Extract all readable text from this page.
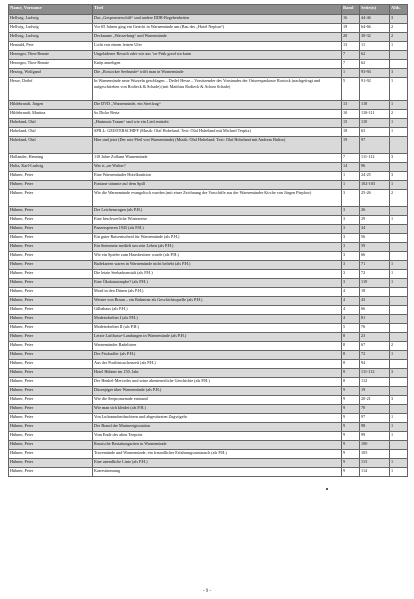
Name, Vorname	Titel	Band	Seite(n)	Abb.
Hellwig, Ludwig	Das „Gespensterschiff“ und andere DDR-Begebenheiten	16	44-46	3
Hellwig, Ludwig	Vor 65 Jahren ging ein Gericht in Warnemünde um (Bau des „Hotel Neptun“)	19	64-66	2
Hellwig, Ludwig	Deckname „Wasserburg“ und Warnemünde	20	30-32	2
Henauld, Pete	Licht von einem fernen Ufer	13	11	1
Herzogm, Thea-Renate	Ungeladener Besuch oder wie aus ’ne Prük good sin kann	7	62	
Herzogm, Thea-Renate	Knöp annehgen	7	62	
Herzog, Wolfgand	Die „Rostocker Seehunde“ trifft man in Warnemünde	1	93-94	3
Hesse, Detlef	In Warnemünde neue Wurzeln geschlagen – Detlef Hesse – Vorsitzender des Vorstandes der Ostseesparkasse Rostock (nachgefragt und aufgeschrieben von Rodieck & Schade) (mit Matthias Rodieck & Achim Schade)	5	91-92	1
Hildebrandt, Jürgen	Die DVD „Warnemünde, ein Streifzug“	13	118	1
Hildebrandt, Martina	6x Dicke Berta	10	110-111	2
Hobeland, Olaf	„Hartmuts Traum“ und wie ein Lied entsteht	15	110	1
Hobeland, Olaf	SPILL: GEISTERSCHIFF (Musik: Olaf Hobeland. Text: Olaf Hobeland mit Michael Terpitz)	18	63	1
Hobeland, Olaf	Hier und jetzt (Der rote Pfeil von Warnemünde) (Musik: Olaf Hobeland. Text: Olaf Hobeland mit Andreas Bulise)	19	97	
Hollander, Henning	110 Jahre Zollamt Warnemünde	7	111-112	3
Holtz, Karl-Ludwig	Wat is „ne Wulter?	14	96	
Hübner, Peter	Eine Warnemünder Hotelkratition	1	24-25	3
Hübner, Peter	Fontane träumte auf dem Spill	1	102-103	1
Hübner, Peter	Wie die Warnemünde evangelisch wurden (mit einer Zeichnung der Vorschiffe aus der Warnemünder Kirche von Jürgen Pieplow)	3	25-26	2
Hübner, Peter	Der Leichenwagen (als P.H.)	3	26	
Hübner, Peter	Eine beschwerliche Winterreise	3	29	1
Hübner, Peter	Panzersperren 1945 (als P.H.)	3	34	
Hübner, Peter	Ein guter Ratsentscheid für Warnemünde (als P.H.)	3	56	
Hübner, Peter	Ein Steinmetz meißelt um sein Leben (als P.H.)	3	59	
Hübner, Peter	Wie ein Spieler zum Hausbesitzer wurde (als P.H.)	3	66	
Hübner, Peter	Badekarren waren in Warnemünde nicht beliebt (als P.H.)	3	71	1
Hübner, Peter	Die letzte Seebadeanstalt (als P.H.)	3	72	1
Hübner, Peter	Eine Ökokatastrophe? (als P.H.)	3	119	1
Hübner, Peter	Mord in den Dünen (als P.H.)	4	18	
Hübner, Peter	Werner von Braun – ein Ruhmine als Geschichtsquelle (als P.H.)	4	43	
Hübner, Peter	Gilbahaus (als P.H.)	4	66	
Hübner, Peter	Modetrohelten I (als P.H.)	4	81	
Hübner, Peter	Modetrohelten II (als P.H.)	5	76	
Hübner, Peter	Letzte Luftbusse-Landungen in Warnemünde (als P.H.)	8	23	
Hübner, Peter	Warnemünder Badelisten	8	67	2
Hübner, Peter	Der Fischadler (als P.H.)	8	72	1
Hübner, Peter	Aus der Posthistoschenzeit (als P.H.)	8	94	
Hübner, Peter	Hotel Hübner im 150. Jahr	8	111-112	3
Hübner, Peter	Der Henkel-Mercedes und seine abenteuerliche Geschichte (als P.H.)	8	112	
Hübner, Peter	Düsenjäger über Warnemünde (als P.H.)	9	19	
Hübner, Peter	Wie die Seepromenade entstand	9	20-21	3
Hübner, Peter	Wie man sich kleidet (als P.H.)	9	70	
Hübner, Peter	Von Luftraumbeobachtern und abgestürzten Zugvögeln	9	97	1
Hübner, Peter	Der Brand der Marineeigtsstation	9	98	1
Hübner, Peter	Vom Ende des alten Teepotts	9	99	1
Hübner, Peter	Russische Bestattungsriten in Warnemünde	9	100	
Hübner, Peter	Travemünde und Warnemünde, ein freundlicher Erfahrungsaustausch (als P.H.)	9	103	
Hübner, Peter	Eine unendliche Linie (als P.H.)	9	113	1
Hübner, Peter	Katerstimmung	9	114	1
- 9 -
